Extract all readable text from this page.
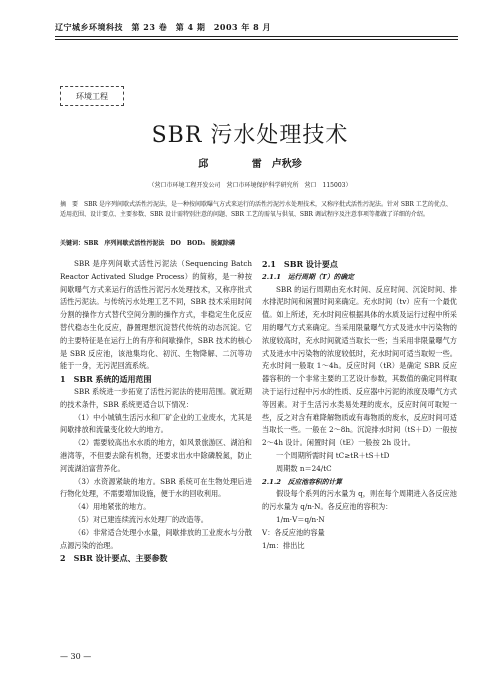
辽宁城乡环境科技　第 23 卷　第 4 期　2003 年 8 月
环境工程
SBR 污水处理技术
邱 雷　卢秋珍
（营口市环境工程开发公司　营口市环境保护科学研究所　营口　115003）
摘　要　SBR 是序列间歇式活性污泥法，是一种按间歇曝气方式来运行的活性污泥污水处理技术，又称序批式活性污泥法。针对 SBR 工艺的优点、适用范围、设计要点、主要参数、SBR 设计需特别注意的问题、SBR 工艺的需氧与供氧、SBR 调试程序及注意事项等都做了详细的介绍。
关键词：SBR　序列间歇式活性污泥法　DO　BOD₅　脱氮除磷

SBR 是序列间歇式活性污泥法（Sequencing Batch Reactor Activated Sludge Process）的简称，是一种按间歇曝气方式来运行的活性污泥污水处理技术，又称序批式活性污泥法。与传统污水处理工艺不同，SBR 技术采用时间分割的操作方式替代空间分割的操作方式，非稳定生化反应替代稳态生化反应，静置理想沉淀替代传统的动态沉淀。它的主要特征是在运行上的有序和间歇操作，SBR 技术的核心是 SBR 反应池，该池集均化、初沉、生物降解、二沉等功能于一身，无污泥回流系统。

1　SBR 系统的适用范围

SBR 系统进一步拓宽了活性污泥法的使用范围。就近期的技术条件，SBR 系统更适合以下情况：

（1）中小城镇生活污水和厂矿企业的工业废水，尤其是间歇排放和流量变化较大的地方。

（2）需要较高出水水质的地方，如风景旅游区、湖泊和港湾等，不但要去除有机物，还要求出水中除磷脱氮，防止河流湖泊富营养化。

（3）水资源紧缺的地方。SBR 系统可在生物处理后进行物化处理，不需要增加设施，便于水的回收利用。

（4）用地紧张的地方。

（5）对已建连续流污水处理厂的改造等。

（6）非常适合处理小水量，间歇排放的工业废水与分散点源污染的治理。

2　SBR 设计要点、主要参数

2.1　SBR 设计要点

2.1.1　运行周期（T）的确定

SBR 的运行周期由充水时间、反应时间、沉淀时间、排水排泥时间和闲置时间来确定。充水时间（tv）应有一个最优值。如上所述，充水时间应根据具体的水质及运行过程中所采用的曝气方式来确定。当采用限量曝气方式及进水中污染物的浓度较高时，充水时间就适当取长一些；当采用非限量曝气方式及进水中污染物的浓度较低时，充水时间可适当取短一些。充水时间一般取 1～4h。反应时间（tR）是确定 SBR 反应器容积的一个非常主要的工艺设计参数，其数值的确定同样取决于运行过程中污水的性质、反应器中污泥的浓度及曝气方式等因素。对于生活污水类易处理的废水，反应时间可取短一些，反之对含有难降解物质或有毒物质的废水，反应时间可适当取长一些。一般在 2～8h。沉淀排水时间（tS＋D）一般按 2～4h 设计。闲置时间（tE）一般按 2h 设计。

一个周期所需时间 tC≥tR＋tS＋tD

周期数 n＝24/tC

2.1.2　反应池容积的计算

假设每个系列的污水量为 q，则在每个周期进入各反应池的污水量为 q/n·N。各反应池的容积为：

1/m·V＝q/n·N

V：各反应池的容量

1/m：排出比

— 30 —
